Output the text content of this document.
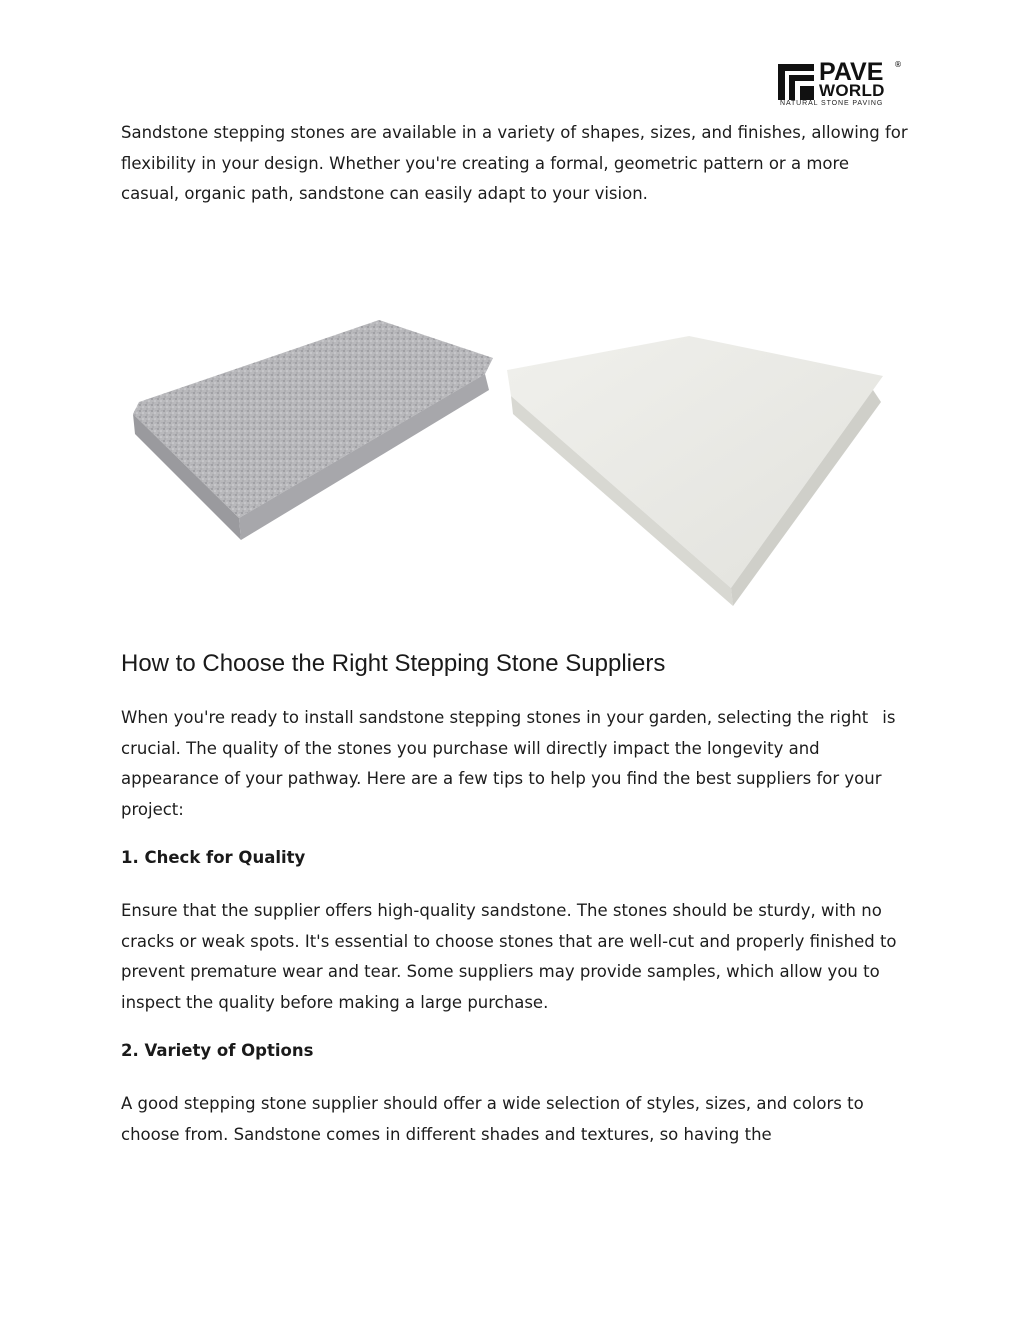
PAVE
WORLD
®
NATURAL STONE PAVING

Sandstone stepping stones are available in a variety of shapes, sizes, and finishes, allowing for flexibility in your design. Whether you're creating a formal, geometric pattern or a more casual, organic path, sandstone can easily adapt to your vision.

How to Choose the Right Stepping Stone Suppliers

When you're ready to install sandstone stepping stones in your garden, selecting the right is crucial. The quality of the stones you purchase will directly impact the longevity and appearance of your pathway. Here are a few tips to help you find the best suppliers for your project:

1. Check for Quality

Ensure that the supplier offers high-quality sandstone. The stones should be sturdy, with no cracks or weak spots. It's essential to choose stones that are well-cut and properly finished to prevent premature wear and tear. Some suppliers may provide samples, which allow you to inspect the quality before making a large purchase.

2. Variety of Options

A good stepping stone supplier should offer a wide selection of styles, sizes, and colors to choose from. Sandstone comes in different shades and textures, so having the
